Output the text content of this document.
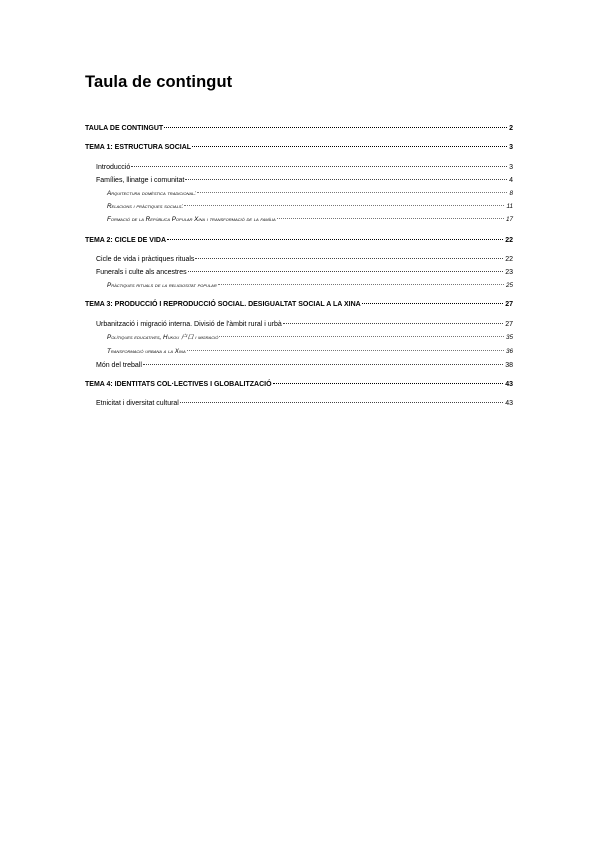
Taula de contingut
TAULA DE CONTINGUT	2
TEMA 1: ESTRUCTURA SOCIAL	3
Introducció	3
Famílies, llinatge i comunitat	4
Arquitectura domèstica tradicional:	8
Relacions i pràctiques socials:	11
Formació de la República Popular Xina i transformació de la família	17
TEMA 2: CICLE DE VIDA	22
Cicle de vida i pràctiques rituals	22
Funerals i culte als ancestres	23
Pràctiques rituals de la religiositat popular	25
TEMA 3: PRODUCCIÓ I REPRODUCCIÓ SOCIAL. DESIGUALTAT SOCIAL A LA XINA	27
Urbanització i migració interna. Divisió de l'àmbit rural i urbà	27
Polítiques educatives, Hukou 户口 i migració	35
Transformació urbana a la Xina	36
Món del treball	38
TEMA 4: IDENTITATS COL·LECTIVES I GLOBALITZACIÓ	43
Etnicitat i diversitat cultural	43
